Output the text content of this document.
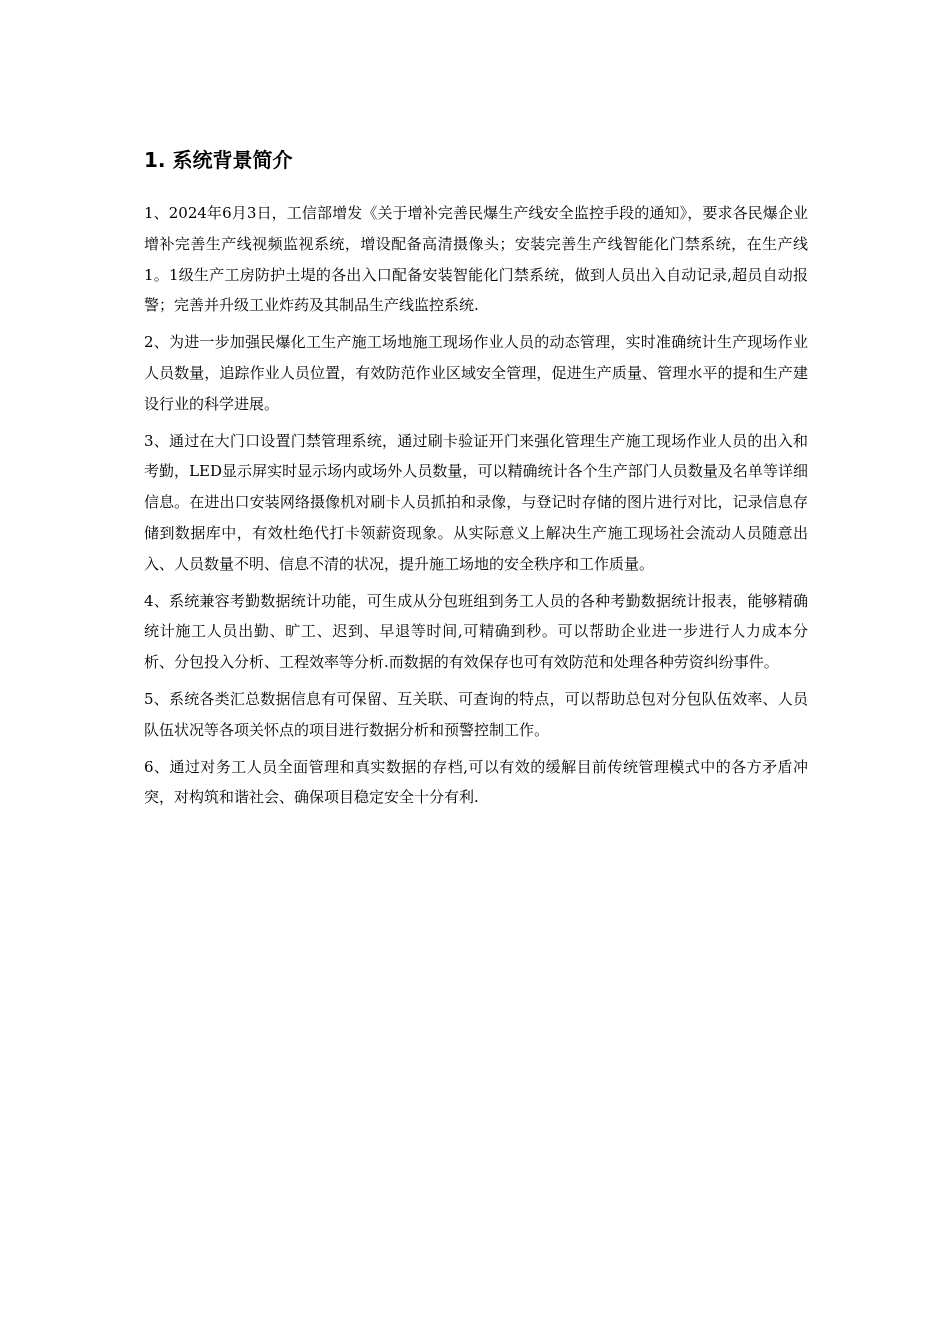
1. 系统背景简介

1、2024年6月3日，工信部增发《关于增补完善民爆生产线安全监控手段的通知》，要求各民爆企业增补完善生产线视频监视系统，增设配备高清摄像头；安装完善生产线智能化门禁系统，在生产线1。1级生产工房防护土堤的各出入口配备安装智能化门禁系统，做到人员出入自动记录,超员自动报警；完善并升级工业炸药及其制品生产线监控系统.

2、为进一步加强民爆化工生产施工场地施工现场作业人员的动态管理，实时准确统计生产现场作业人员数量，追踪作业人员位置，有效防范作业区域安全管理，促进生产质量、管理水平的提和生产建设行业的科学进展。

3、通过在大门口设置门禁管理系统，通过刷卡验证开门来强化管理生产施工现场作业人员的出入和考勤，LED显示屏实时显示场内或场外人员数量，可以精确统计各个生产部门人员数量及名单等详细信息。在进出口安装网络摄像机对刷卡人员抓拍和录像，与登记时存储的图片进行对比，记录信息存储到数据库中，有效杜绝代打卡领薪资现象。从实际意义上解决生产施工现场社会流动人员随意出入、人员数量不明、信息不清的状况，提升施工场地的安全秩序和工作质量。

4、系统兼容考勤数据统计功能，可生成从分包班组到务工人员的各种考勤数据统计报表，能够精确统计施工人员出勤、旷工、迟到、早退等时间,可精确到秒。可以帮助企业进一步进行人力成本分析、分包投入分析、工程效率等分析.而数据的有效保存也可有效防范和处理各种劳资纠纷事件。

5、系统各类汇总数据信息有可保留、互关联、可查询的特点，可以帮助总包对分包队伍效率、人员队伍状况等各项关怀点的项目进行数据分析和预警控制工作。

6、通过对务工人员全面管理和真实数据的存档,可以有效的缓解目前传统管理模式中的各方矛盾冲突，对构筑和谐社会、确保项目稳定安全十分有利.
